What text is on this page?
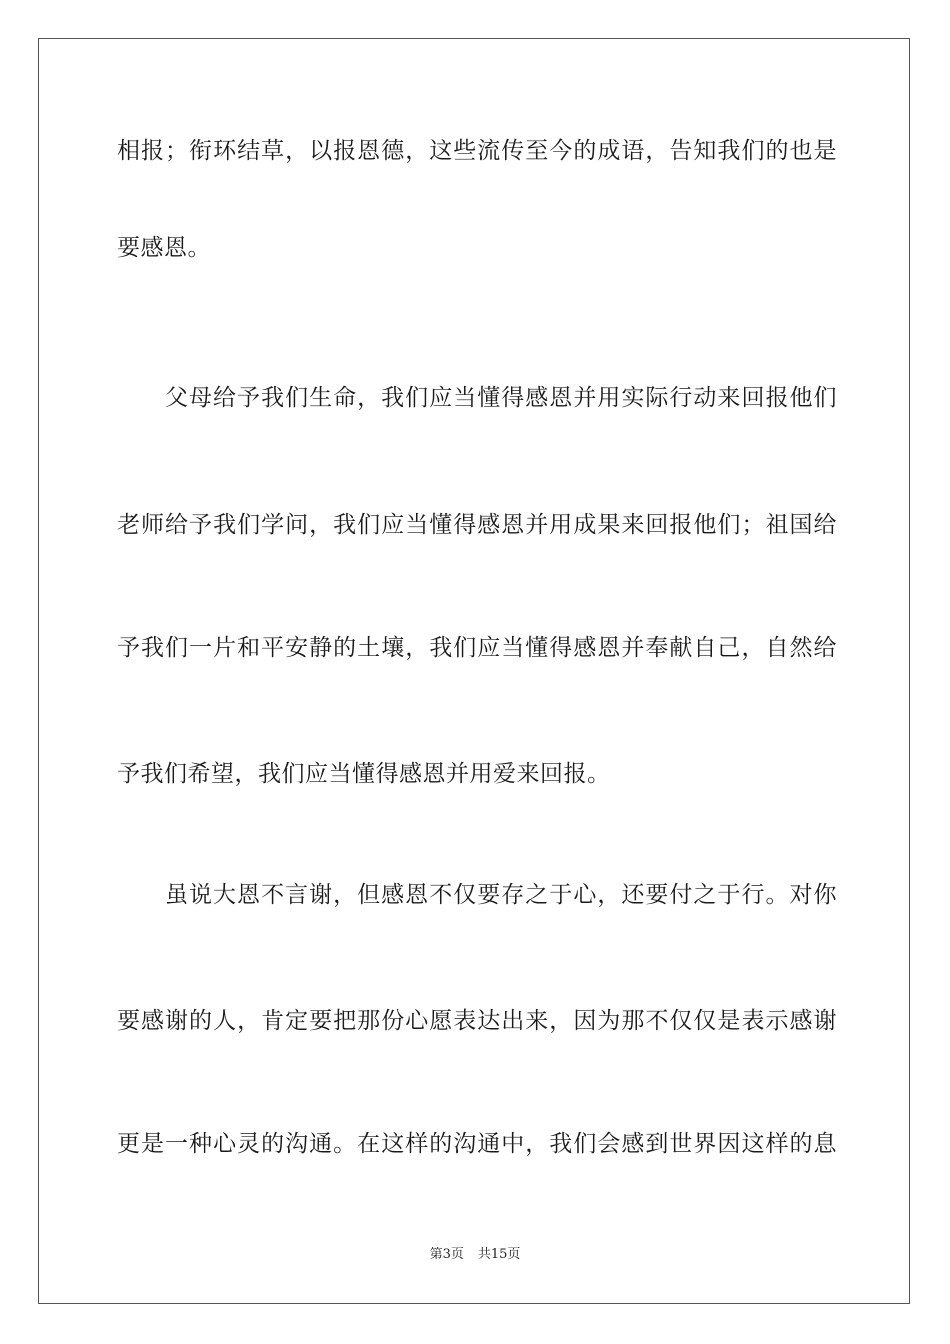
相报；衔环结草，以报恩德，这些流传至今的成语，告知我们的也是
要感恩。
父母给予我们生命，我们应当懂得感恩并用实际行动来回报他们
老师给予我们学问，我们应当懂得感恩并用成果来回报他们；祖国给
予我们一片和平安静的土壤，我们应当懂得感恩并奉献自己，自然给
予我们希望，我们应当懂得感恩并用爱来回报。
虽说大恩不言谢，但感恩不仅要存之于心，还要付之于行。对你
要感谢的人，肯定要把那份心愿表达出来，因为那不仅仅是表示感谢
更是一种心灵的沟通。在这样的沟通中，我们会感到世界因这样的息
第3页 共15页
